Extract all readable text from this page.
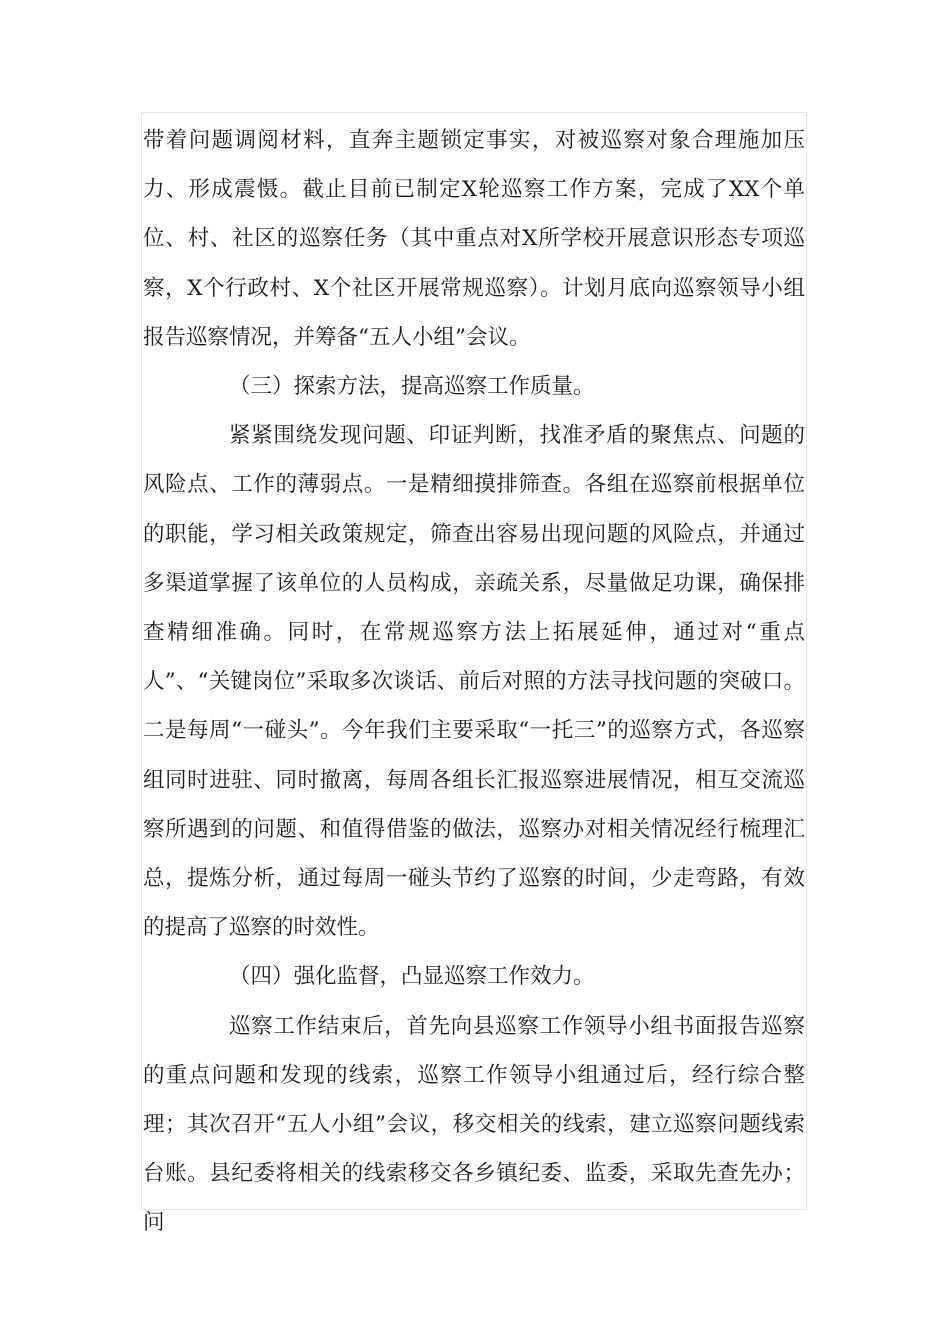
带着问题调阅材料，直奔主题锁定事实，对被巡察对象合理施加压力、形成震慑。截止目前已制定X轮巡察工作方案，完成了XX个单位、村、社区的巡察任务（其中重点对X所学校开展意识形态专项巡察，X个行政村、X个社区开展常规巡察）。计划月底向巡察领导小组报告巡察情况，并筹备“五人小组”会议。

（三）探索方法，提高巡察工作质量。

紧紧围绕发现问题、印证判断，找准矛盾的聚焦点、问题的风险点、工作的薄弱点。一是精细摸排筛查。各组在巡察前根据单位的职能，学习相关政策规定，筛查出容易出现问题的风险点，并通过多渠道掌握了该单位的人员构成，亲疏关系，尽量做足功课，确保排查精细准确。同时，在常规巡察方法上拓展延伸，通过对“重点人”、“关键岗位”采取多次谈话、前后对照的方法寻找问题的突破口。二是每周“一碰头”。今年我们主要采取“一托三”的巡察方式，各巡察组同时进驻、同时撤离，每周各组长汇报巡察进展情况，相互交流巡察所遇到的问题、和值得借鉴的做法，巡察办对相关情况经行梳理汇总，提炼分析，通过每周一碰头节约了巡察的时间，少走弯路，有效的提高了巡察的时效性。

（四）强化监督，凸显巡察工作效力。

巡察工作结束后，首先向县巡察工作领导小组书面报告巡察的重点问题和发现的线索，巡察工作领导小组通过后，经行综合整理；其次召开“五人小组”会议，移交相关的线索，建立巡察问题线索台账。县纪委将相关的线索移交各乡镇纪委、监委，采取先查先办；问
